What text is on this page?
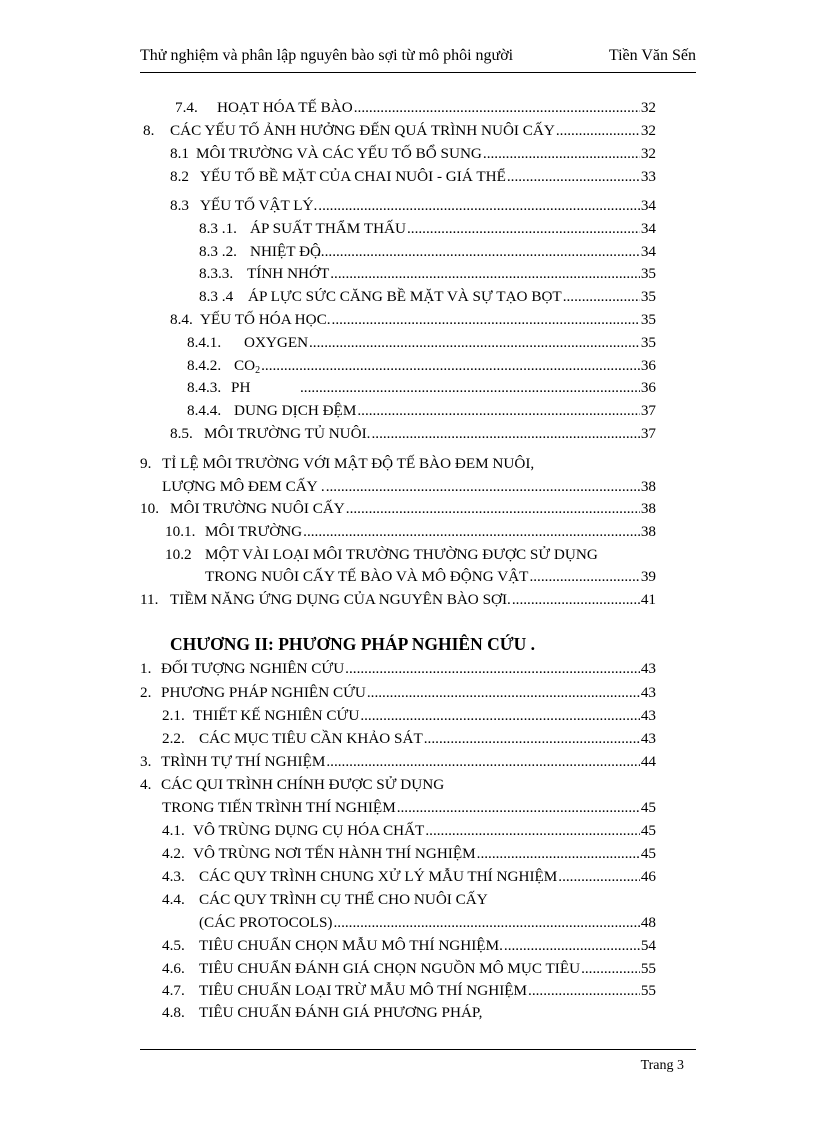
Thử nghiệm và phân lập nguyên bào sợi từ mô phôi người	Tiền Văn Sến
7.4.	HOẠT HÓA TẾ BÀO .....	32
8.	CÁC YẾU TỐ ẢNH HƯỞNG ĐẾN QUÁ TRÌNH NUÔI CẤY .....	32
8.1 MÔI TRƯỜNG VÀ CÁC YẾU TỐ BỔ SUNG .....	32
8.2 YẾU TỐ BỀ MẶT CỦA CHAI NUÔI - GIÁ THỂ .....	33
8.3 YẾU TỐ VẬT LÝ. .....	34
8.3 .1. ÁP SUẤT THẨM THẤU .....	34
8.3 .2. NHIỆT ĐỘ .....	34
8.3.3. TÍNH NHỚT .....	35
8.3 .4 ÁP LỰC SỨC CĂNG BỀ MẶT VÀ SỰ TẠO BỌT .....	35
8.4. YẾU TỐ HÓA HỌC. .....	35
8.4.1.	OXYGEN .....	35
8.4.2. $CO_2$ .....	36
8.4.3. PH .....	36
8.4.4. DUNG DỊCH ĐỆM .....	37
8.5. MÔI TRƯỜNG TỦ NUÔI. .....	37
9. TỈ LỆ MÔI TRƯỜNG VỚI MẬT ĐỘ TẾ BÀO ĐEM NUÔI,
LƯỢNG MÔ ĐEM CẤY . .....	38
10. MÔI TRƯỜNG NUÔI CẤY .....	38
10.1. MÔI TRƯỜNG .....	38
10.2 MỘT VÀI LOẠI MÔI TRƯỜNG THƯỜNG ĐƯỢC SỬ DỤNG
TRONG NUÔI CẤY TẾ BÀO VÀ MÔ ĐỘNG VẬT .....	39
11. TIỀM NĂNG ỨNG DỤNG CỦA NGUYÊN BÀO SỢI. .....	41
CHƯƠNG II: PHƯƠNG PHÁP NGHIÊN CỨU .
1. ĐỐI TƯỢNG NGHIÊN CỨU .....	43
2. PHƯƠNG PHÁP NGHIÊN CỨU .....	43
2.1. THIẾT KẾ NGHIÊN CỨU .....	43
2.2. CÁC MỤC TIÊU CẦN KHẢO SÁT .....	43
3. TRÌNH TỰ THÍ NGHIỆM .....	44
4. CÁC QUI TRÌNH CHÍNH ĐƯỢC SỬ DỤNG
TRONG TIẾN TRÌNH THÍ NGHIỆM .....	45
4.1. VÔ TRÙNG DỤNG CỤ HÓA CHẤT .....	45
4.2. VÔ TRÙNG NƠI TẾN HÀNH THÍ NGHIỆM .....	45
4.3. CÁC QUY TRÌNH CHUNG XỬ LÝ MẪU THÍ NGHIỆM .....	46
4.4. CÁC QUY TRÌNH CỤ THỂ CHO NUÔI CẤY
(CÁC PROTOCOLS) .....	48
4.5. TIÊU CHUẨN CHỌN MẪU MÔ THÍ NGHIỆM. .....	54
4.6. TIÊU CHUẨN ĐÁNH GIÁ CHỌN NGUỒN MÔ MỤC TIÊU .....	55
4.7. TIÊU CHUẨN LOẠI TRỪ MẪU MÔ THÍ NGHIỆM .....	55
4.8. TIÊU CHUẨN ĐÁNH GIÁ PHƯƠNG PHÁP,
Trang 3
